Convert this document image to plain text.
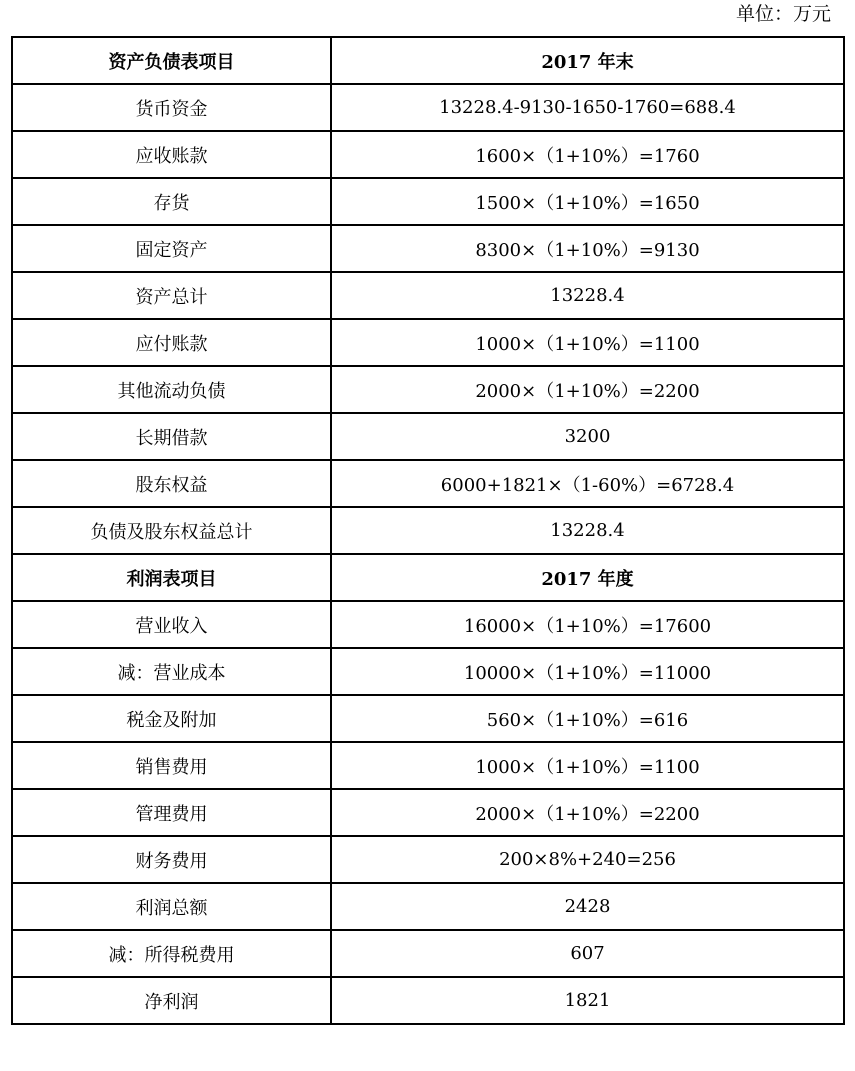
单位：万元
资产负债表项目	2017 年末
货币资金	13228.4-9130-1650-1760=688.4
应收账款	1600×（1+10%）=1760
存货	1500×（1+10%）=1650
固定资产	8300×（1+10%）=9130
资产总计	13228.4
应付账款	1000×（1+10%）=1100
其他流动负债	2000×（1+10%）=2200
长期借款	3200
股东权益	6000+1821×（1-60%）=6728.4
负债及股东权益总计	13228.4
利润表项目	2017 年度
营业收入	16000×（1+10%）=17600
减：营业成本	10000×（1+10%）=11000
税金及附加	560×（1+10%）=616
销售费用	1000×（1+10%）=1100
管理费用	2000×（1+10%）=2200
财务费用	200×8%+240=256
利润总额	2428
减：所得税费用	607
净利润	1821
